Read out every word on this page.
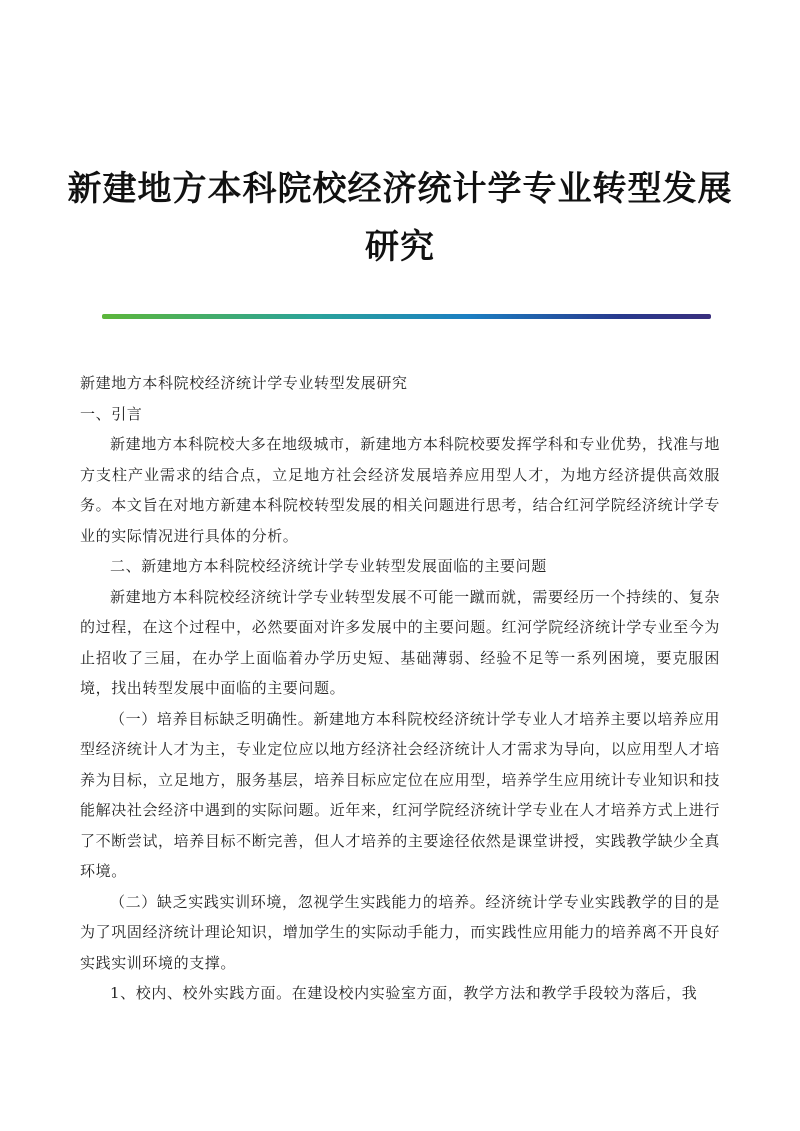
新建地方本科院校经济统计学专业转型发展研究

新建地方本科院校经济统计学专业转型发展研究

一、引言

新建地方本科院校大多在地级城市，新建地方本科院校要发挥学科和专业优势，找准与地方支柱产业需求的结合点，立足地方社会经济发展培养应用型人才，为地方经济提供高效服务。本文旨在对地方新建本科院校转型发展的相关问题进行思考，结合红河学院经济统计学专业的实际情况进行具体的分析。

二、新建地方本科院校经济统计学专业转型发展面临的主要问题

新建地方本科院校经济统计学专业转型发展不可能一蹴而就，需要经历一个持续的、复杂的过程，在这个过程中，必然要面对许多发展中的主要问题。红河学院经济统计学专业至今为止招收了三届，在办学上面临着办学历史短、基础薄弱、经验不足等一系列困境，要克服困境，找出转型发展中面临的主要问题。

（一）培养目标缺乏明确性。新建地方本科院校经济统计学专业人才培养主要以培养应用型经济统计人才为主，专业定位应以地方经济社会经济统计人才需求为导向，以应用型人才培养为目标，立足地方，服务基层，培养目标应定位在应用型，培养学生应用统计专业知识和技能解决社会经济中遇到的实际问题。近年来，红河学院经济统计学专业在人才培养方式上进行了不断尝试，培养目标不断完善，但人才培养的主要途径依然是课堂讲授，实践教学缺少全真环境。

（二）缺乏实践实训环境，忽视学生实践能力的培养。经济统计学专业实践教学的目的是为了巩固经济统计理论知识，增加学生的实际动手能力，而实践性应用能力的培养离不开良好实践实训环境的支撑。

1、校内、校外实践方面。在建设校内实验室方面，教学方法和教学手段较为落后，我
